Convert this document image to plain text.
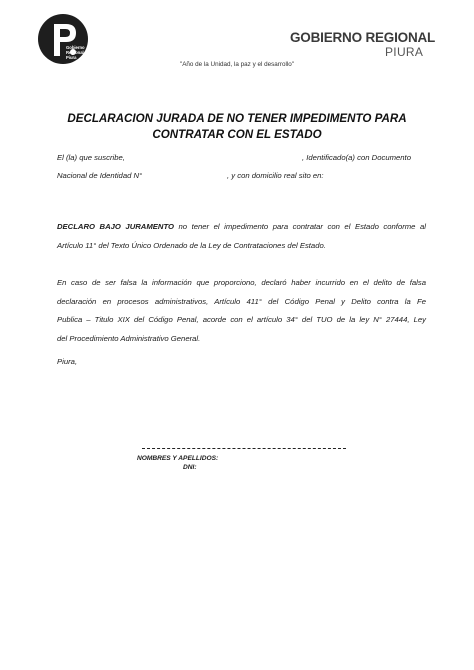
Gobierno
Regional
Piura
GOBIERNO REGIONAL
PIURA
"Año de la Unidad, la paz y el desarrollo"
DECLARACION JURADA DE NO TENER IMPEDIMENTO PARA
CONTRATAR CON EL ESTADO
El (la) que suscribe,	, Identificado(a) con Documento
Nacional de Identidad N°	, y con domicilio real sito en:
DECLARO BAJO JURAMENTO no tener el impedimento para contratar con el Estado conforme al
Artículo 11° del Texto Único Ordenado de la Ley de Contrataciones del Estado.
En caso de ser falsa la información que proporciono, declaró haber incurrido en el delito de falsa
declaración en procesos administrativos, Artículo 411° del Código Penal y Delito contra la Fe
Publica – Titulo XIX del Código Penal, acorde con el artículo 34° del TUO de la ley N° 27444, Ley
del Procedimiento Administrativo General.
Piura,
NOMBRES Y APELLIDOS:
DNI:
